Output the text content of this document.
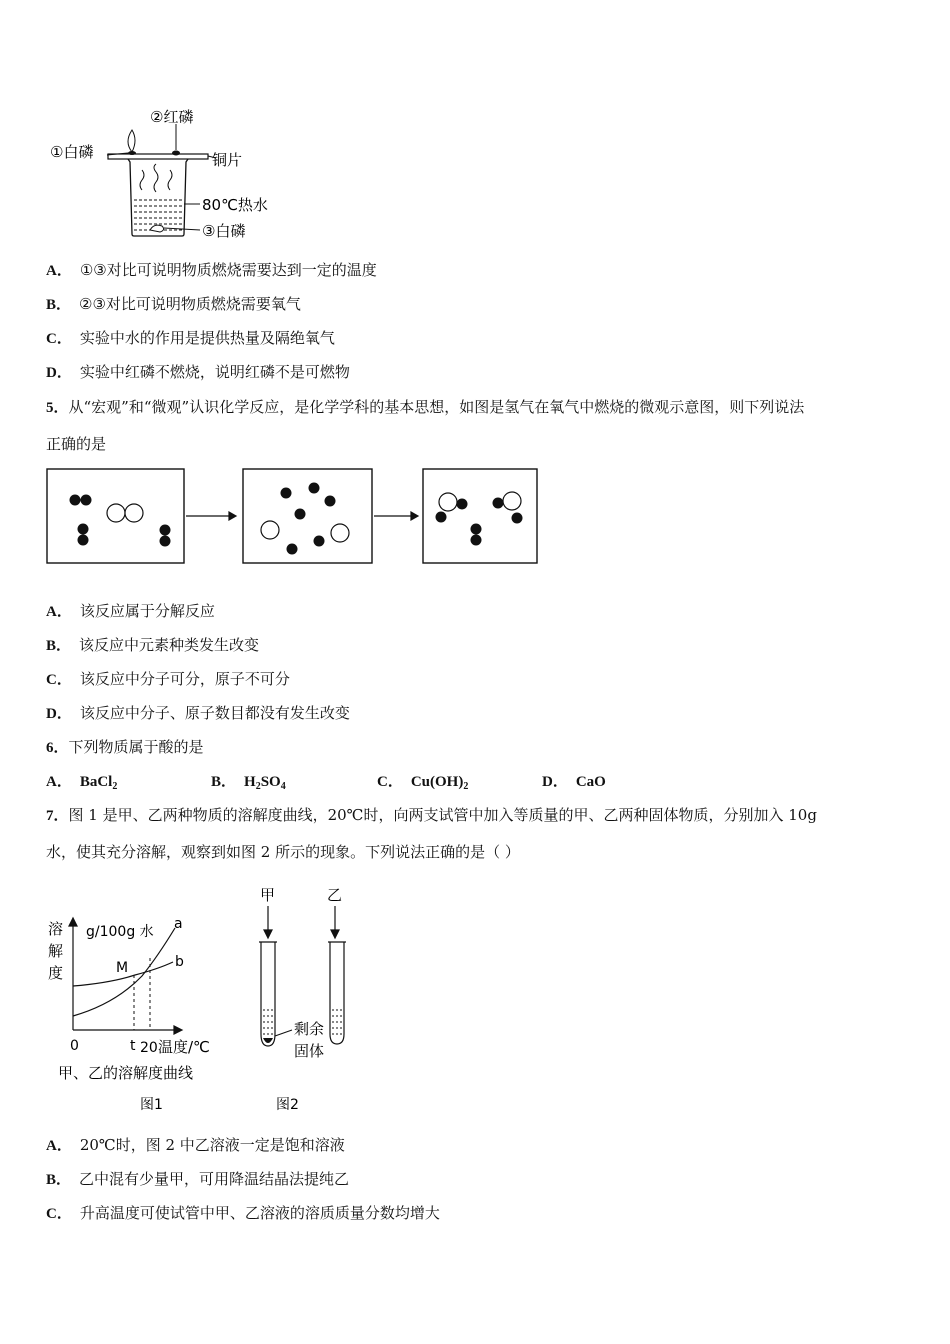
①白磷
②红磷
铜片
80℃热水
③白磷
A． ①③对比可说明物质燃烧需要达到一定的温度
B． ②③对比可说明物质燃烧需要氧气
C． 实验中水的作用是提供热量及隔绝氧气
D． 实验中红磷不燃烧，说明红磷不是可燃物
5．从“宏观”和“微观”认识化学反应，是化学学科的基本思想，如图是氢气在氧气中燃烧的微观示意图，则下列说法
正确的是
A． 该反应属于分解反应
B． 该反应中元素种类发生改变
C． 该反应中分子可分，原子不可分
D． 该反应中分子、原子数目都没有发生改变
6．下列物质属于酸的是
A． BaCl$_2$	B． $H_2SO_4$	C． $Cu(OH)_2$	D． CaO
7．图 1 是甲、乙两种物质的溶解度曲线，20℃时，向两支试管中加入等质量的甲、乙两种固体物质，分别加入 10g
水，使其充分溶解，观察到如图 2 所示的现象。下列说法正确的是（ ）
溶
解
度
g/100g 水 a
b
M
0	t 20 温度/℃
甲、乙的溶解度曲线
图1
甲	乙
剩余
固体
图2
A． 20℃时，图 2 中乙溶液一定是饱和溶液
B． 乙中混有少量甲，可用降温结晶法提纯乙
C． 升高温度可使试管中甲、乙溶液的溶质质量分数均增大
